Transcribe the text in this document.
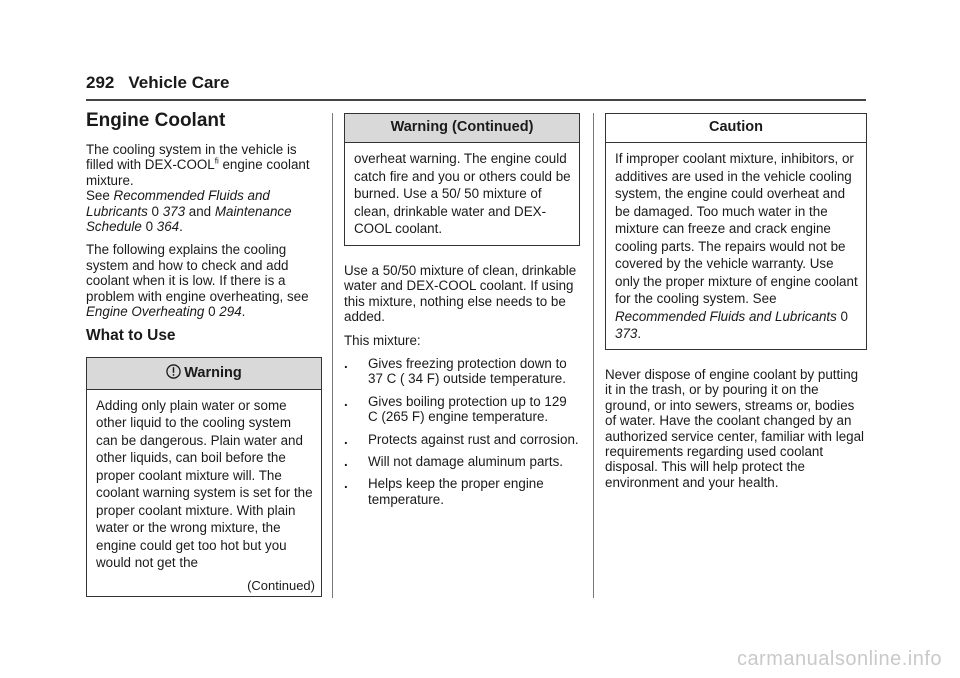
292 Vehicle Care
Engine Coolant

The cooling system in the vehicle is filled with DEX-$COOL^{fi}$ engine coolant mixture.
See Recommended Fluids and Lubricants 0 373 and Maintenance Schedule 0 364.

The following explains the cooling system and how to check and add coolant when it is low. If there is a problem with engine overheating, see Engine Overheating 0 294.

What to Use
Warning
Adding only plain water or some other liquid to the cooling system can be dangerous. Plain water and other liquids, can boil before the proper coolant mixture will. The coolant warning system is set for the proper coolant mixture. With plain water or the wrong mixture, the engine could get too hot but you would not get the
(Continued)
Warning (Continued)
overheat warning. The engine could catch fire and you or others could be burned. Use a 50/ 50 mixture of clean, drinkable water and DEX-COOL coolant.

Use a 50/50 mixture of clean, drinkable water and DEX-COOL coolant. If using this mixture, nothing else needs to be added.

This mixture:

. Gives freezing protection down to 37 C ( 34 F) outside temperature.
. Gives boiling protection up to 129 C (265 F) engine temperature.
. Protects against rust and corrosion.
. Will not damage aluminum parts.
. Helps keep the proper engine temperature.
Caution
If improper coolant mixture, inhibitors, or additives are used in the vehicle cooling system, the engine could overheat and be damaged. Too much water in the mixture can freeze and crack engine cooling parts. The repairs would not be covered by the vehicle warranty. Use only the proper mixture of engine coolant for the cooling system. See Recommended Fluids and Lubricants 0 373.

Never dispose of engine coolant by putting it in the trash, or by pouring it on the ground, or into sewers, streams or, bodies of water. Have the coolant changed by an authorized service center, familiar with legal requirements regarding used coolant disposal. This will help protect the environment and your health.

carmanualsonline.info
